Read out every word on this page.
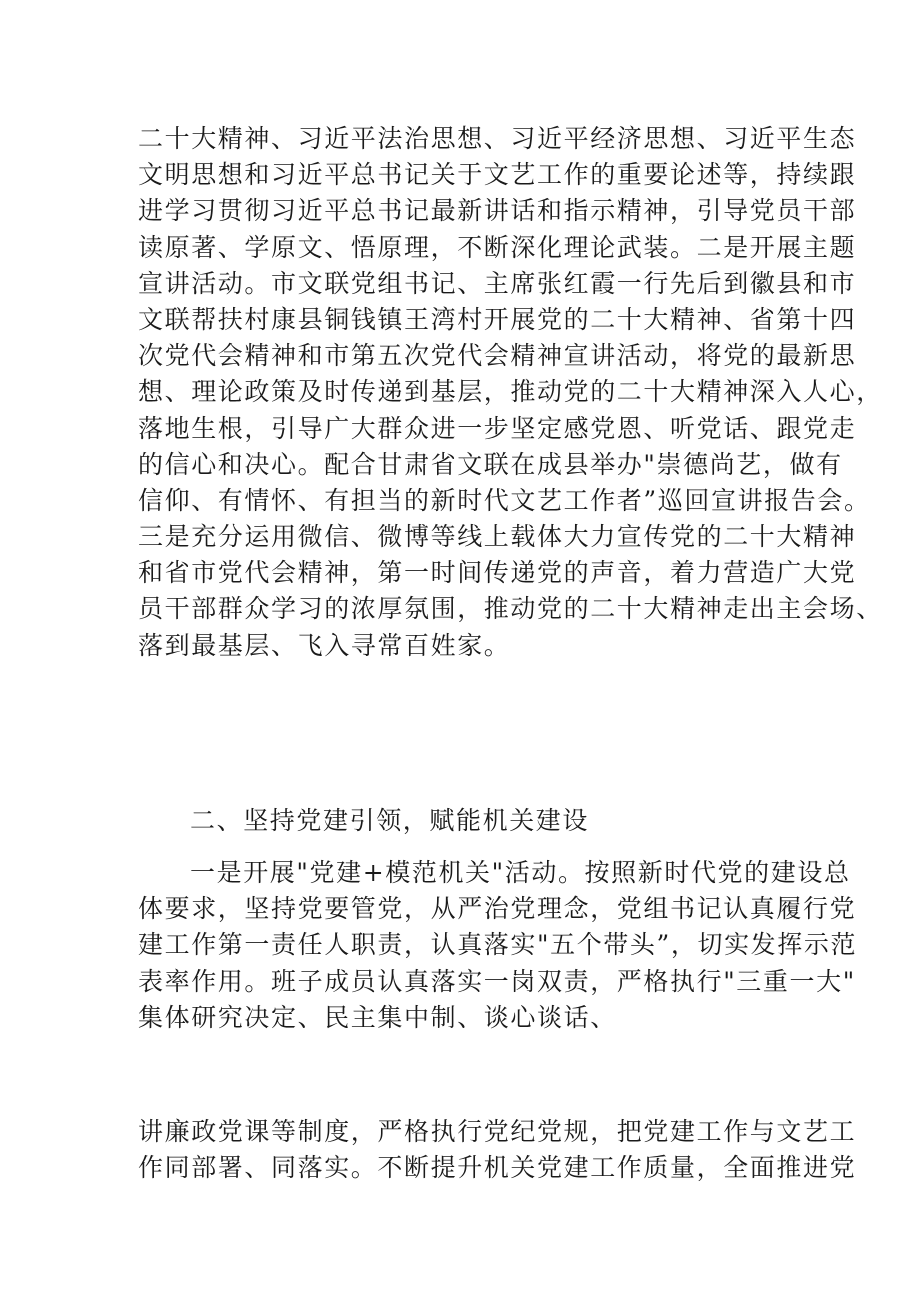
二十大精神、习近平法治思想、习近平经济思想、习近平生态
文明思想和习近平总书记关于文艺工作的重要论述等，持续跟
进学习贯彻习近平总书记最新讲话和指示精神，引导党员干部
读原著、学原文、悟原理，不断深化理论武装。二是开展主题
宣讲活动。市文联党组书记、主席张红霞一行先后到徽县和市
文联帮扶村康县铜钱镇王湾村开展党的二十大精神、省第十四
次党代会精神和市第五次党代会精神宣讲活动，将党的最新思
想、理论政策及时传递到基层，推动党的二十大精神深入人心，
落地生根，引导广大群众进一步坚定感党恩、听党话、跟党走
的信心和决心。配合甘肃省文联在成县举办"崇德尚艺，做有
信仰、有情怀、有担当的新时代文艺工作者”巡回宣讲报告会。
三是充分运用微信、微博等线上载体大力宣传党的二十大精神
和省市党代会精神，第一时间传递党的声音，着力营造广大党
员干部群众学习的浓厚氛围，推动党的二十大精神走出主会场、
落到最基层、飞入寻常百姓家。
二、坚持党建引领，赋能机关建设
一是开展"党建+模范机关"活动。按照新时代党的建设总
体要求，坚持党要管党，从严治党理念，党组书记认真履行党
建工作第一责任人职责，认真落实"五个带头”，切实发挥示范
表率作用。班子成员认真落实一岗双责，严格执行"三重一大"
集体研究决定、民主集中制、谈心谈话、
讲廉政党课等制度，严格执行党纪党规，把党建工作与文艺工
作同部署、同落实。不断提升机关党建工作质量，全面推进党
